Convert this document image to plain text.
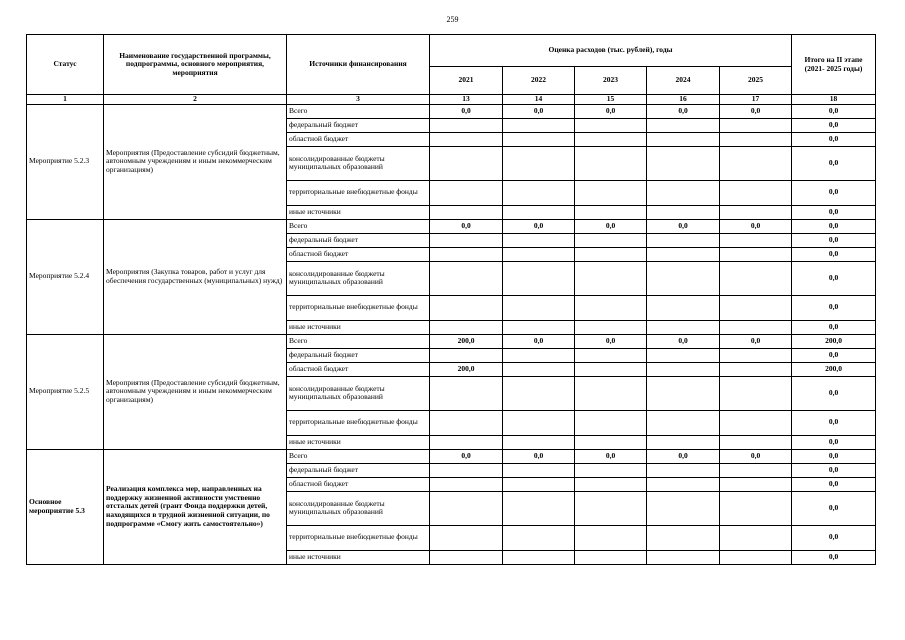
259
Статус	Наименование государственной программы, подпрограммы, основного мероприятия, мероприятия	Источники финансирования	Оценка расходов (тыс. рублей), годы					Итого на II этапе (2021- 2025 годы)
			2021	2022	2023	2024	2025	
1	2	3	13	14	15	16	17	18
Мероприятие 5.2.3	Мероприятия (Предоставление субсидий бюджетным, автономным учреждениям и иным некоммерческим организациям)	Всего	0,0	0,0	0,0	0,0	0,0	0,0
		федеральный бюджет						0,0
		областной бюджет						0,0
		консолидированные бюджеты муниципальных образований						0,0
		территориальные внебюджетные фонды						0,0
		иные источники						0,0
Мероприятие 5.2.4	Мероприятия (Закупка товаров, работ и услуг для обеспечения государственных (муниципальных) нужд)	Всего	0,0	0,0	0,0	0,0	0,0	0,0
		федеральный бюджет						0,0
		областной бюджет						0,0
		консолидированные бюджеты муниципальных образований						0,0
		территориальные внебюджетные фонды						0,0
		иные источники						0,0
Мероприятие 5.2.5	Мероприятия (Предоставление субсидий бюджетным, автономным учреждениям и иным некоммерческим организациям)	Всего	200,0	0,0	0,0	0,0	0,0	200,0
		федеральный бюджет						0,0
		областной бюджет	200,0					200,0
		консолидированные бюджеты муниципальных образований						0,0
		территориальные внебюджетные фонды						0,0
		иные источники						0,0
Основное мероприятие 5.3	Реализация комплекса мер, направленных на поддержку жизненной активности умственно отсталых детей (грант Фонда поддержки детей, находящихся в трудной жизненной ситуации, по подпрограмме «Смогу жить самостоятельно»)	Всего	0,0	0,0	0,0	0,0	0,0	0,0
		федеральный бюджет						0,0
		областной бюджет						0,0
		консолидированные бюджеты муниципальных образований						0,0
		территориальные внебюджетные фонды						0,0
		иные источники						0,0
